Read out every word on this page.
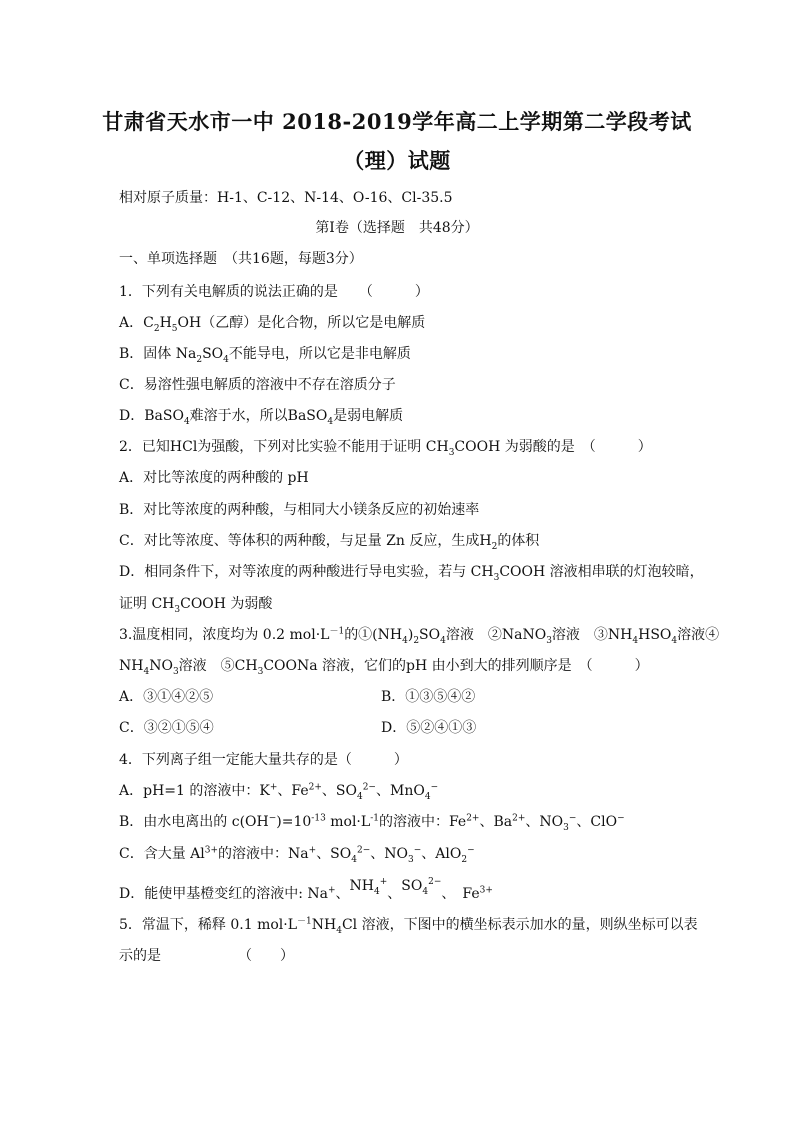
甘肃省天水市一中 2018-2019学年高二上学期第二学段考试
（理）试题
相对原子质量：H-1、C-12、N-14、O-16、Cl-35.5
第Ⅰ卷（选择题　共48分）
一、单项选择题　（共16题，每题3分）
1．下列有关电解质的说法正确的是　　（　　　）
A．$C_2H_5OH$（乙醇）是化合物，所以它是电解质
B．固体 $Na_2SO_4$不能导电，所以它是非电解质
C．易溶性强电解质的溶液中不存在溶质分子
D．BaSO$_4$难溶于水，所以BaSO$_4$是弱电解质
2．已知HCl为强酸，下列对比实验不能用于证明 $CH_3COOH$ 为弱酸的是　（　　　）
A．对比等浓度的两种酸的 pH
B．对比等浓度的两种酸，与相同大小镁条反应的初始速率
C．对比等浓度、等体积的两种酸，与足量 Zn 反应，生成$H_2$的体积
D．相同条件下，对等浓度的两种酸进行导电实验，若与 $CH_3COOH$ 溶液相串联的灯泡较暗，
证明 $CH_3COOH$ 为弱酸
3.温度相同，浓度均为 0.2 $mol\cdot L^{-1}$的$①(NH_4)_2SO_4$溶液　②NaNO$_3$溶液　$③NH_4HSO_4$溶液④
$NH_4NO_3$溶液　$⑤CH_3COONa$ 溶液，它们的pH 由小到大的排列顺序是　（　　　）
A．③①④②⑤	B．①③⑤④②
C．③②①⑤④	D．⑤②④①③
4．下列离子组一定能大量共存的是（　　　）
A．pH=1 的溶液中：K+、$Fe^{2+}$、$SO_4^{2-}$、MnO$_4$−
B．由水电离出的 $c(OH^-)=10^{-13}$ $mol\cdot L^{-1}$的溶液中：$Fe^{2+}$、$Ba^{2+}$、$NO_3^-$、ClO−
C．含大量 $Al^{3+}$的溶液中：Na+、$SO_4^{2-}$、$NO_3^-$、AlO$_2$−
D．能使甲基橙变红的溶液中: Na+、$NH_4^+$、$SO_4^{2-}$、　$Fe^{3+}$
5．常温下，稀释 0.1 $mol\cdot L^{-1}NH_4Cl$ 溶液，下图中的横坐标表示加水的量，则纵坐标可以表
示的是　　　　　　（　　）
